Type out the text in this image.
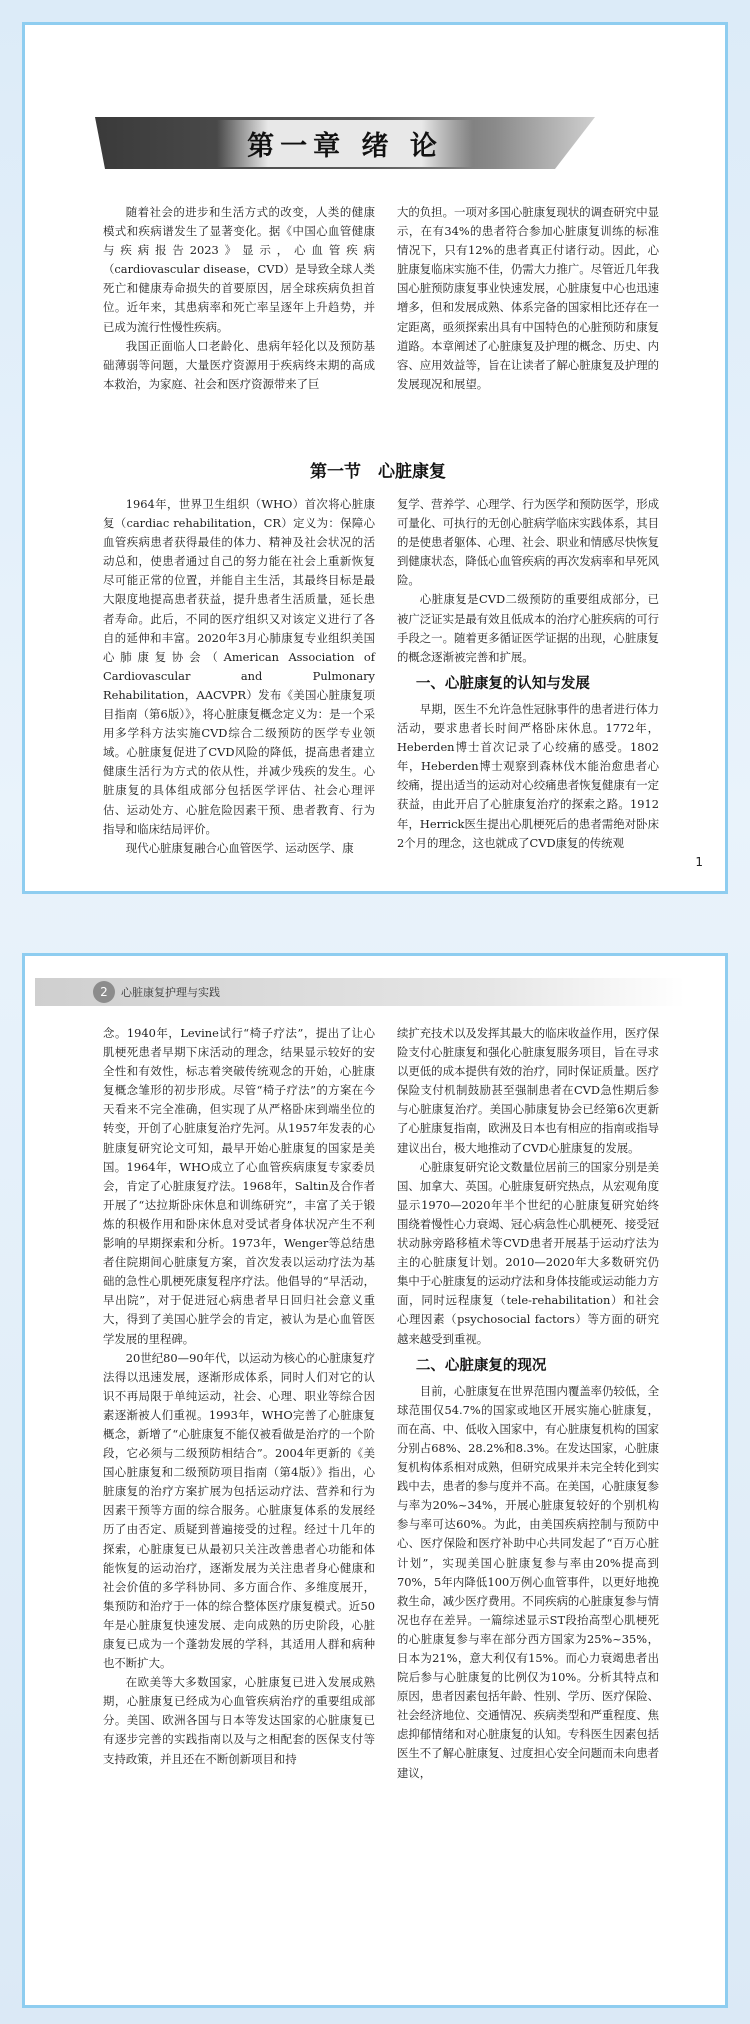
第一章 绪 论

随着社会的进步和生活方式的改变，人类的健康模式和疾病谱发生了显著变化。据《中国心血管健康与疾病报告2023》显示，心血管疾病（cardiovascular disease，CVD）是导致全球人类死亡和健康寿命损失的首要原因，居全球疾病负担首位。近年来，其患病率和死亡率呈逐年上升趋势，并已成为流行性慢性疾病。

我国正面临人口老龄化、患病年轻化以及预防基础薄弱等问题，大量医疗资源用于疾病终末期的高成本救治，为家庭、社会和医疗资源带来了巨

大的负担。一项对多国心脏康复现状的调查研究中显示，在有34%的患者符合参加心脏康复训练的标准情况下，只有12%的患者真正付诸行动。因此，心脏康复临床实施不佳，仍需大力推广。尽管近几年我国心脏预防康复事业快速发展，心脏康复中心也迅速增多，但和发展成熟、体系完备的国家相比还存在一定距离，亟须探索出具有中国特色的心脏预防和康复道路。本章阐述了心脏康复及护理的概念、历史、内容、应用效益等，旨在让读者了解心脏康复及护理的发展现况和展望。

第一节　心脏康复

1964年，世界卫生组织（WHO）首次将心脏康复（cardiac rehabilitation，CR）定义为：保障心血管疾病患者获得最佳的体力、精神及社会状况的活动总和，使患者通过自己的努力能在社会上重新恢复尽可能正常的位置，并能自主生活，其最终目标是最大限度地提高患者获益，提升患者生活质量，延长患者寿命。此后，不同的医疗组织又对该定义进行了各自的延伸和丰富。2020年3月心肺康复专业组织美国心肺康复协会（American Association of Cardiovascular and Pulmonary Rehabilitation，AACVPR）发布《美国心脏康复项目指南（第6版）》，将心脏康复概念定义为：是一个采用多学科方法实施CVD综合二级预防的医学专业领域。心脏康复促进了CVD风险的降低，提高患者建立健康生活行为方式的依从性，并减少残疾的发生。心脏康复的具体组成部分包括医学评估、社会心理评估、运动处方、心脏危险因素干预、患者教育、行为指导和临床结局评价。

现代心脏康复融合心血管医学、运动医学、康

复学、营养学、心理学、行为医学和预防医学，形成可量化、可执行的无创心脏病学临床实践体系，其目的是使患者躯体、心理、社会、职业和情感尽快恢复到健康状态，降低心血管疾病的再次发病率和早死风险。

心脏康复是CVD二级预防的重要组成部分，已被广泛证实是最有效且低成本的治疗心脏疾病的可行手段之一。随着更多循证医学证据的出现，心脏康复的概念逐渐被完善和扩展。

一、心脏康复的认知与发展

早期，医生不允许急性冠脉事件的患者进行体力活动，要求患者长时间严格卧床休息。1772年，Heberden博士首次记录了心绞痛的感受。1802年，Heberden博士观察到森林伐木能治愈患者心绞痛，提出适当的运动对心绞痛患者恢复健康有一定获益，由此开启了心脏康复治疗的探索之路。1912年，Herrick医生提出心肌梗死后的患者需绝对卧床2个月的理念，这也就成了CVD康复的传统观

1
2	心脏康复护理与实践

念。1940年，Levine试行“椅子疗法”，提出了让心肌梗死患者早期下床活动的理念，结果显示较好的安全性和有效性，标志着突破传统观念的开始，心脏康复概念雏形的初步形成。尽管“椅子疗法”的方案在今天看来不完全准确，但实现了从严格卧床到端坐位的转变，开创了心脏康复治疗先河。从1957年发表的心脏康复研究论文可知，最早开始心脏康复的国家是美国。1964年，WHO成立了心血管疾病康复专家委员会，肯定了心脏康复疗法。1968年，Saltin及合作者开展了“达拉斯卧床休息和训练研究”，丰富了关于锻炼的积极作用和卧床休息对受试者身体状况产生不利影响的早期探索和分析。1973年，Wenger等总结患者住院期间心脏康复方案，首次发表以运动疗法为基础的急性心肌梗死康复程序疗法。他倡导的“早活动，早出院”，对于促进冠心病患者早日回归社会意义重大，得到了美国心脏学会的肯定，被认为是心血管医学发展的里程碑。

20世纪80—90年代，以运动为核心的心脏康复疗法得以迅速发展，逐渐形成体系，同时人们对它的认识不再局限于单纯运动，社会、心理、职业等综合因素逐渐被人们重视。1993年，WHO完善了心脏康复概念，新增了“心脏康复不能仅被看做是治疗的一个阶段，它必须与二级预防相结合”。2004年更新的《美国心脏康复和二级预防项目指南（第4版）》指出，心脏康复的治疗方案扩展为包括运动疗法、营养和行为因素干预等方面的综合服务。心脏康复体系的发展经历了由否定、质疑到普遍接受的过程。经过十几年的探索，心脏康复已从最初只关注改善患者心功能和体能恢复的运动治疗，逐渐发展为关注患者身心健康和社会价值的多学科协同、多方面合作、多维度展开，集预防和治疗于一体的综合整体医疗康复模式。近50年是心脏康复快速发展、走向成熟的历史阶段，心脏康复已成为一个蓬勃发展的学科，其适用人群和病种也不断扩大。

在欧美等大多数国家，心脏康复已进入发展成熟期，心脏康复已经成为心血管疾病治疗的重要组成部分。美国、欧洲各国与日本等发达国家的心脏康复已有逐步完善的实践指南以及与之相配套的医保支付等支持政策，并且还在不断创新项目和持

续扩充技术以及发挥其最大的临床收益作用，医疗保险支付心脏康复和强化心脏康复服务项目，旨在寻求以更低的成本提供有效的治疗，同时保证质量。医疗保险支付机制鼓励甚至强制患者在CVD急性期后参与心脏康复治疗。美国心肺康复协会已经第6次更新了心脏康复指南，欧洲及日本也有相应的指南或指导建议出台，极大地推动了CVD心脏康复的发展。

心脏康复研究论文数量位居前三的国家分别是美国、加拿大、英国。心脏康复研究热点，从宏观角度显示1970—2020年半个世纪的心脏康复研究始终围绕着慢性心力衰竭、冠心病急性心肌梗死、接受冠状动脉旁路移植术等CVD患者开展基于运动疗法为主的心脏康复计划。2010—2020年大多数研究仍集中于心脏康复的运动疗法和身体技能或运动能力方面，同时远程康复（tele-rehabilitation）和社会心理因素（psychosocial factors）等方面的研究越来越受到重视。

二、心脏康复的现况

目前，心脏康复在世界范围内覆盖率仍较低，全球范围仅54.7%的国家或地区开展实施心脏康复，而在高、中、低收入国家中，有心脏康复机构的国家分别占68%、28.2%和8.3%。在发达国家，心脏康复机构体系相对成熟，但研究成果并未完全转化到实践中去，患者的参与度并不高。在美国，心脏康复参与率为20%~34%，开展心脏康复较好的个别机构参与率可达60%。为此，由美国疾病控制与预防中心、医疗保险和医疗补助中心共同发起了“百万心脏计划”，实现美国心脏康复参与率由20%提高到70%，5年内降低100万例心血管事件，以更好地挽救生命，减少医疗费用。不同疾病的心脏康复参与情况也存在差异。一篇综述显示ST段抬高型心肌梗死的心脏康复参与率在部分西方国家为25%~35%，日本为21%，意大利仅有15%。而心力衰竭患者出院后参与心脏康复的比例仅为10%。分析其特点和原因，患者因素包括年龄、性别、学历、医疗保险、社会经济地位、交通情况、疾病类型和严重程度、焦虑抑郁情绪和对心脏康复的认知。专科医生因素包括医生不了解心脏康复、过度担心安全问题而未向患者建议，
